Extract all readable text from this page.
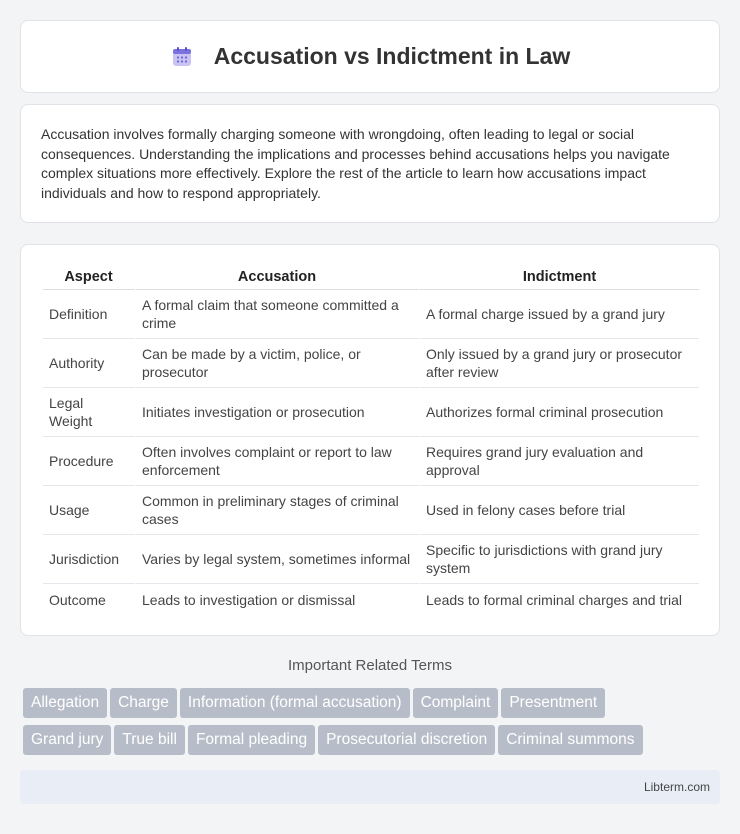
Accusation vs Indictment in Law

Accusation involves formally charging someone with wrongdoing, often leading to legal or social consequences. Understanding the implications and processes behind accusations helps you navigate complex situations more effectively. Explore the rest of the article to learn how accusations impact individuals and how to respond appropriately.

Aspect	Accusation	Indictment
Definition	A formal claim that someone committed a crime	A formal charge issued by a grand jury
Authority	Can be made by a victim, police, or prosecutor	Only issued by a grand jury or prosecutor after review
Legal Weight	Initiates investigation or prosecution	Authorizes formal criminal prosecution
Procedure	Often involves complaint or report to law enforcement	Requires grand jury evaluation and approval
Usage	Common in preliminary stages of criminal cases	Used in felony cases before trial
Jurisdiction	Varies by legal system, sometimes informal	Specific to jurisdictions with grand jury system
Outcome	Leads to investigation or dismissal	Leads to formal criminal charges and trial
Important Related Terms
Allegation Charge Information (formal accusation) Complaint Presentment
Grand jury True bill Formal pleading Prosecutorial discretion Criminal summons
Libterm.com
